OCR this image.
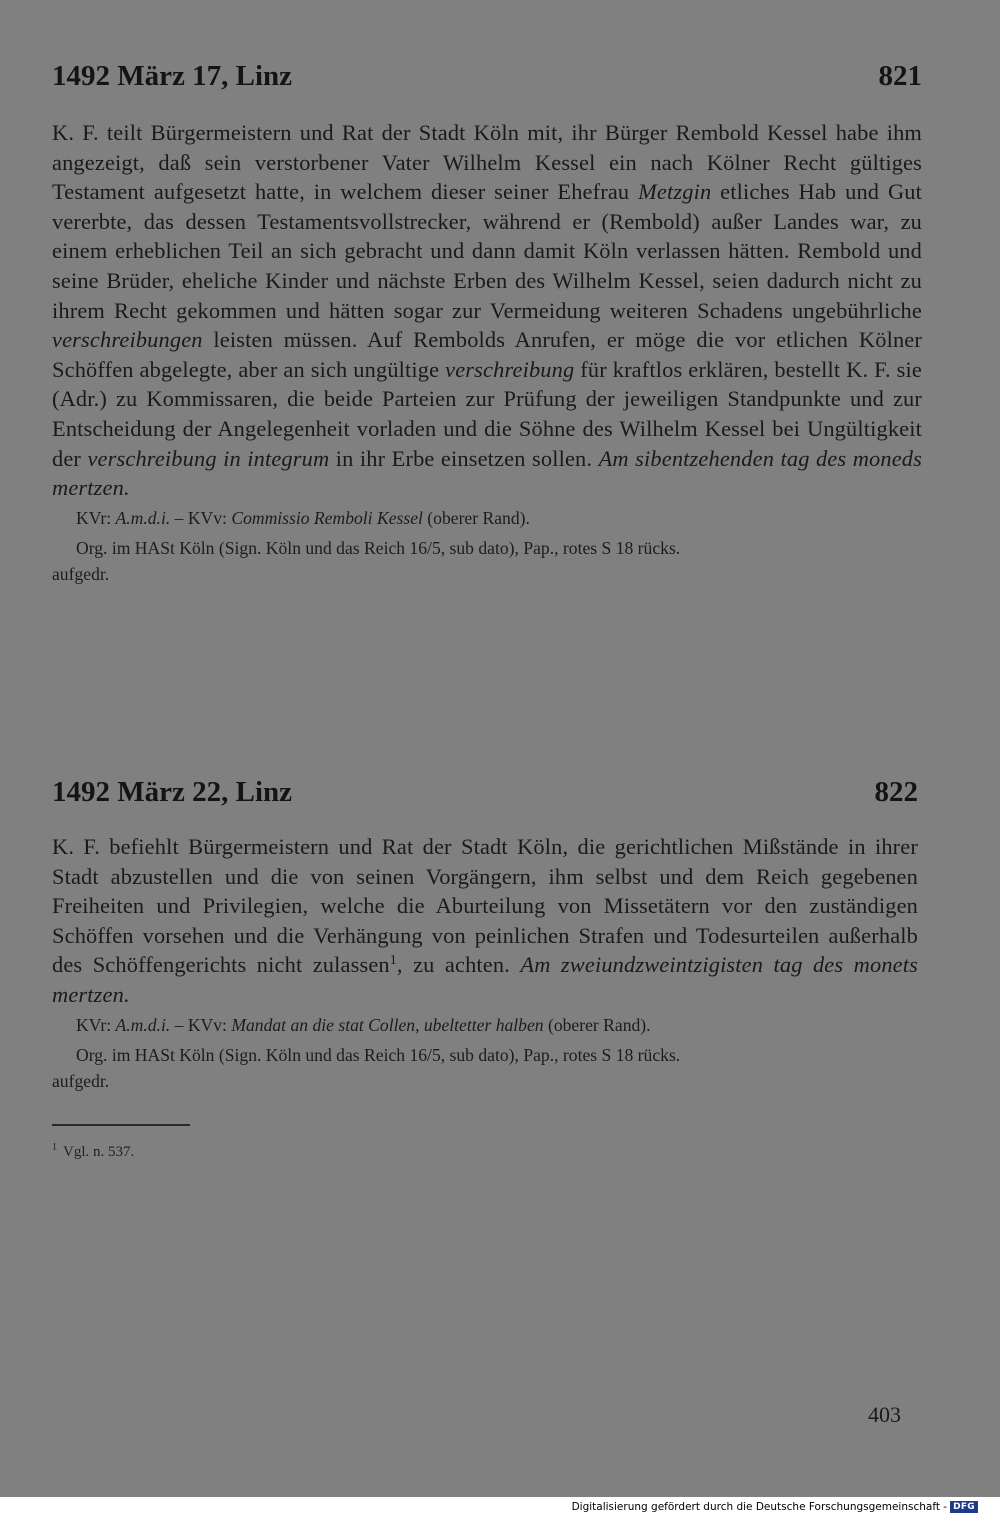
1492 März 17, Linz	821
K. F. teilt Bürgermeistern und Rat der Stadt Köln mit, ihr Bürger Rembold Kessel habe ihm angezeigt, daß sein verstorbener Vater Wilhelm Kessel ein nach Kölner Recht gültiges Testament aufgesetzt hatte, in welchem dieser seiner Ehefrau Metzgin etliches Hab und Gut vererbte, das dessen Testamentsvollstrecker, während er (Rembold) außer Landes war, zu einem erheblichen Teil an sich gebracht und dann damit Köln verlassen hätten. Rembold und seine Brüder, eheliche Kinder und nächste Erben des Wilhelm Kessel, seien dadurch nicht zu ihrem Recht gekommen und hätten sogar zur Vermeidung weiteren Schadens ungebührliche verschreibungen leisten müssen. Auf Rembolds Anrufen, er möge die vor etlichen Kölner Schöffen abgelegte, aber an sich ungültige verschreibung für kraftlos erklären, bestellt K. F. sie (Adr.) zu Kommissaren, die beide Parteien zur Prüfung der jeweiligen Standpunkte und zur Entscheidung der Angelegenheit vorladen und die Söhne des Wilhelm Kessel bei Ungültigkeit der verschreibung in integrum in ihr Erbe einsetzen sollen. Am sibentzehenden tag des moneds mertzen.
KVr: A.m.d.i. – KVv: Commissio Remboli Kessel (oberer Rand).
Org. im HASt Köln (Sign. Köln und das Reich 16/5, sub dato), Pap., rotes S 18 rücks.
aufgedr.
1492 März 22, Linz	822
K. F. befiehlt Bürgermeistern und Rat der Stadt Köln, die gerichtlichen Mißstände in ihrer Stadt abzustellen und die von seinen Vorgängern, ihm selbst und dem Reich gegebenen Freiheiten und Privilegien, welche die Aburteilung von Missetätern vor den zuständigen Schöffen vorsehen und die Verhängung von peinlichen Strafen und Todesurteilen außerhalb des Schöffengerichts nicht zulassen$^1$, zu achten. Am zweiundzweintzigisten tag des monets mertzen.
KVr: A.m.d.i. – KVv: Mandat an die stat Collen, ubeltetter halben (oberer Rand).
Org. im HASt Köln (Sign. Köln und das Reich 16/5, sub dato), Pap., rotes S 18 rücks.
aufgedr.
$^1$ Vgl. n. 537.
403
Digitalisierung gefördert durch die Deutsche Forschungsgemeinschaft - DFG
